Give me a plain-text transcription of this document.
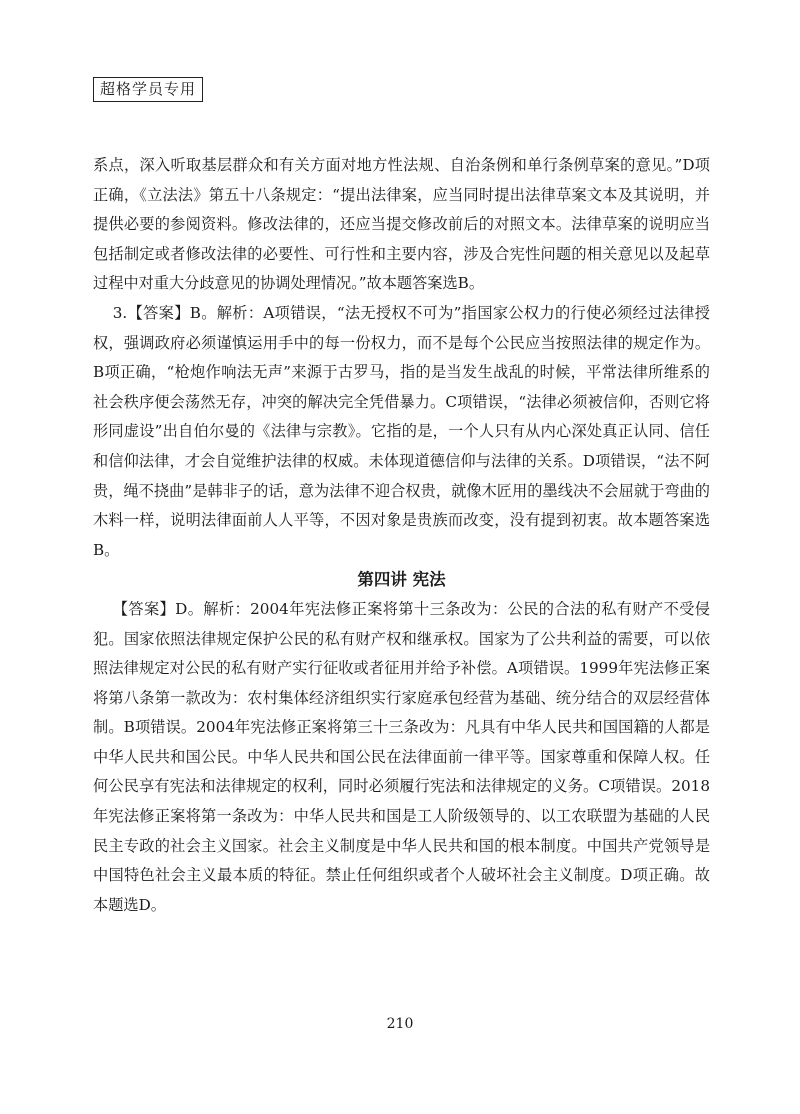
超格学员专用

系点，深入听取基层群众和有关方面对地方性法规、自治条例和单行条例草案的意见。”D项正确，《立法法》第五十八条规定：“提出法律案，应当同时提出法律草案文本及其说明，并提供必要的参阅资料。修改法律的，还应当提交修改前后的对照文本。法律草案的说明应当包括制定或者修改法律的必要性、可行性和主要内容，涉及合宪性问题的相关意见以及起草过程中对重大分歧意见的协调处理情况。”故本题答案选B。

3.【答案】B。解析：A项错误，“法无授权不可为”指国家公权力的行使必须经过法律授权，强调政府必须谨慎运用手中的每一份权力，而不是每个公民应当按照法律的规定作为。B项正确，“枪炮作响法无声”来源于古罗马，指的是当发生战乱的时候，平常法律所维系的社会秩序便会荡然无存，冲突的解决完全凭借暴力。C项错误，“法律必须被信仰，否则它将形同虚设”出自伯尔曼的《法律与宗教》。它指的是，一个人只有从内心深处真正认同、信任和信仰法律，才会自觉维护法律的权威。未体现道德信仰与法律的关系。D项错误，“法不阿贵，绳不挠曲”是韩非子的话，意为法律不迎合权贵，就像木匠用的墨线决不会屈就于弯曲的木料一样，说明法律面前人人平等，不因对象是贵族而改变，没有提到初衷。故本题答案选B。

第四讲 宪法

【答案】D。解析：2004年宪法修正案将第十三条改为：公民的合法的私有财产不受侵犯。国家依照法律规定保护公民的私有财产权和继承权。国家为了公共利益的需要，可以依照法律规定对公民的私有财产实行征收或者征用并给予补偿。A项错误。1999年宪法修正案将第八条第一款改为：农村集体经济组织实行家庭承包经营为基础、统分结合的双层经营体制。B项错误。2004年宪法修正案将第三十三条改为：凡具有中华人民共和国国籍的人都是中华人民共和国公民。中华人民共和国公民在法律面前一律平等。国家尊重和保障人权。任何公民享有宪法和法律规定的权利，同时必须履行宪法和法律规定的义务。C项错误。2018年宪法修正案将第一条改为：中华人民共和国是工人阶级领导的、以工农联盟为基础的人民民主专政的社会主义国家。社会主义制度是中华人民共和国的根本制度。中国共产党领导是中国特色社会主义最本质的特征。禁止任何组织或者个人破坏社会主义制度。D项正确。故本题选D。

210
